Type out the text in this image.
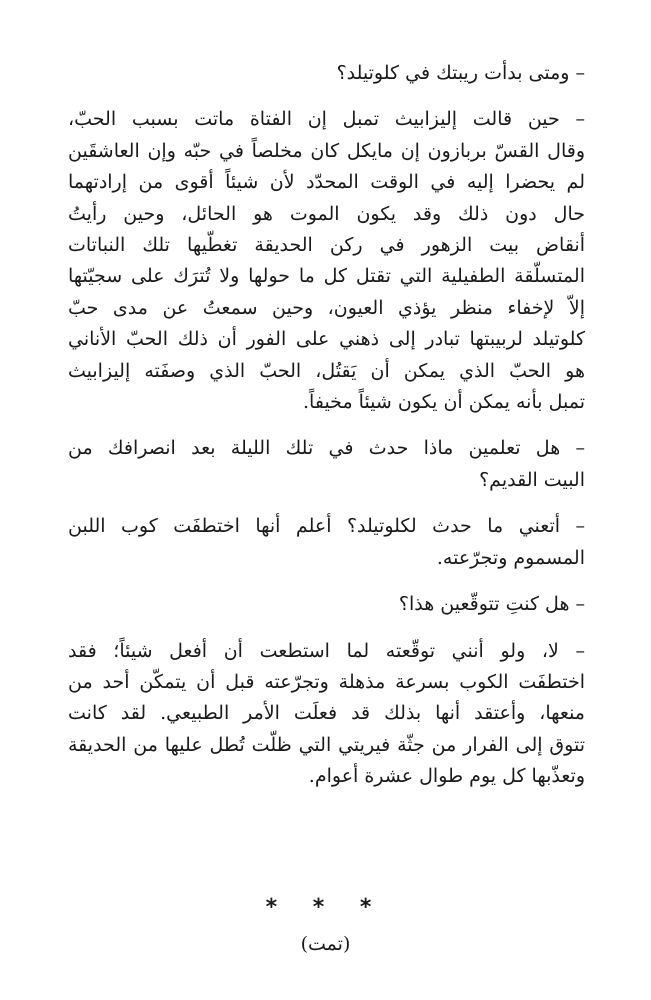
– ومتى بدأت ريبتك في كلوتيلد؟
– حين قالت إليزابيث تمبل إن الفتاة ماتت بسبب الحبّ،
وقال القسّ بربازون إن مايكل كان مخلصاً في حبّه وإن العاشقَين
لم يحضرا إليه في الوقت المحدّد لأن شيئاً أقوى من إرادتهما
حال دون ذلك وقد يكون الموت هو الحائل، وحين رأيتُ
أنقاض بيت الزهور في ركن الحديقة تغطّيها تلك النباتات
المتسلّقة الطفيلية التي تقتل كل ما حولها ولا تُترَك على سجيّتها
إلاّ لإخفاء منظر يؤذي العيون، وحين سمعتُ عن مدى حبّ
كلوتيلد لربيبتها تبادر إلى ذهني على الفور أن ذلك الحبّ الأناني
هو الحبّ الذي يمكن أن يَقتُل، الحبّ الذي وصفَته إليزابيث
تمبل بأنه يمكن أن يكون شيئاً مخيفاً.
– هل تعلمين ماذا حدث في تلك الليلة بعد انصرافك من
البيت القديم؟
– أتعني ما حدث لكلوتيلد؟ أعلم أنها اختطفَت كوب اللبن
المسموم وتجرّعته.
– هل كنتِ تتوقّعين هذا؟
– لا، ولو أنني توقّعته لما استطعت أن أفعل شيئاً؛ فقد
اختطفَت الكوب بسرعة مذهلة وتجرّعته قبل أن يتمكّن أحد من
منعها، وأعتقد أنها بذلك قد فعلَت الأمر الطبيعي. لقد كانت
تتوق إلى الفرار من جثّة فيريتي التي ظلّت تُطل عليها من الحديقة
وتعذّبها كل يوم طوال عشرة أعوام.
* * *
(تمت)
